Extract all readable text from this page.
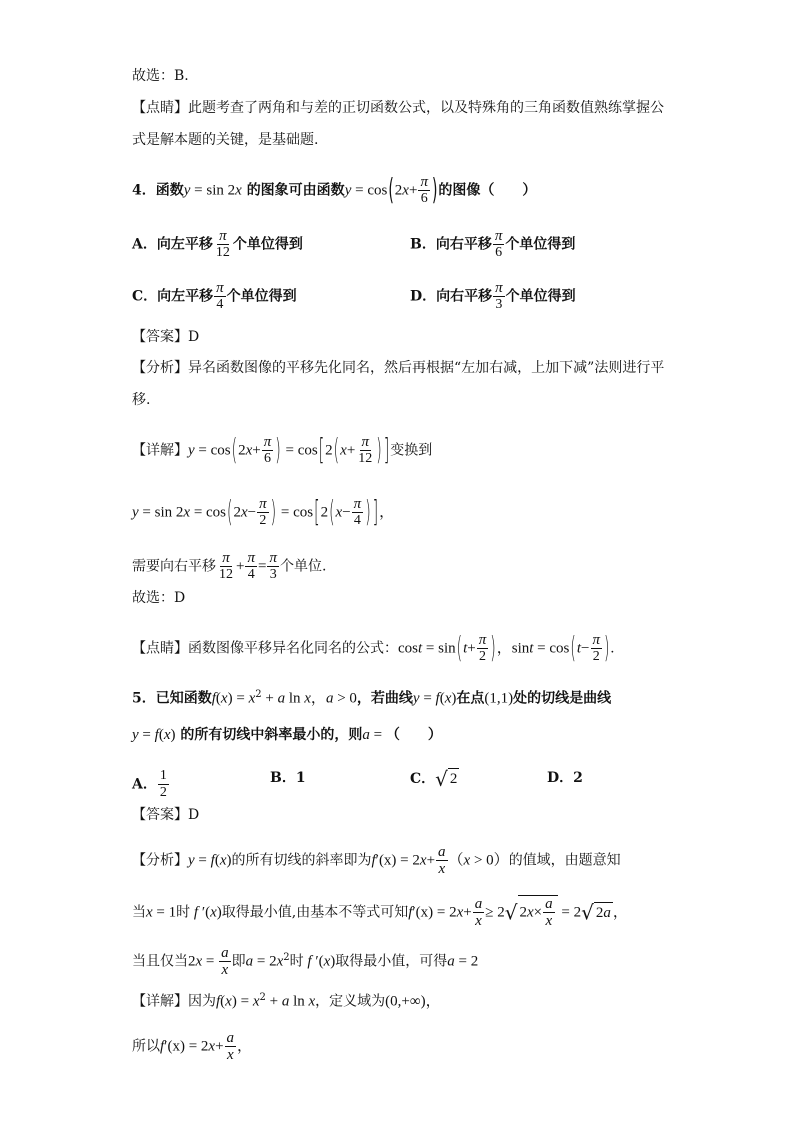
故选：B.
【点睛】此题考查了两角和与差的正切函数公式，以及特殊角的三角函数值熟练掌握公
式是解本题的关键，是基础题.
4．函数y = sin 2x 的图象可由函数$y = \cos(2x+ \frac{\pi}{6}$ )的图像（　　）
A．向左平移 $\frac{\pi}{12}$ 个单位得到	B．向右平移 $\frac{\pi}{6}$ 个单位得到
C．向左平移 $\frac{\pi}{4}$ 个单位得到	D．向右平移 $\frac{\pi}{3}$ 个单位得到
【答案】D
【分析】异名函数图像的平移先化同名，然后再根据“左加右减，上加下减”法则进行平
移.
【详解】$y = \cos(2x+ \frac{\pi}{6}$ ) = $\cos[2(x+ \frac{\pi}{12}$ ) ]变换到
$y = \sin 2x = \cos(2x- \frac{\pi}{2}$ ) = $\cos[2(x- \frac{\pi}{4}$ ) ]，
需要向右平移 $\frac{\pi}{12} + \frac{\pi}{4} = \frac{\pi}{3}$ 个单位.
故选：D
【点睛】函数图像平移异名化同名的公式：$\cos t = \sin(t+ \frac{\pi}{2}$ )，$\sin t = \cos(t- \frac{\pi}{2}$ ).
5．已知函数$f(x) = x^2 + a$ ln x，a > 0，若曲线y = f(x)在点(1,1)处的切线是曲线
y = f(x) 的所有切线中斜率最小的，则a = （　　）
A． $\frac{1}{2}$	B．1	C．√ 2	D．2
【答案】D
【分析】y = f(x)的所有切线的斜率即为$f'(x) = 2x+ \frac{a}{x} (x > 0)$的值域，由题意知
当x = 1时 f ′(x)取得最小值,由基本不等式可知$f'(x) = 2x+ \frac{a}{x} \ge 2√$ $2x\times \frac{a}{x} = 2√$ 2a ，
当且仅当$2x = \frac{a}{x}$ 即$a = 2x^2$时 f ′(x)取得最小值，可得a = 2
【详解】因为$f(x) = x^2 + a$ ln x，定义域为(0,+∞)，
所以$f'(x) = 2x+ \frac{a}{x}$ ，
